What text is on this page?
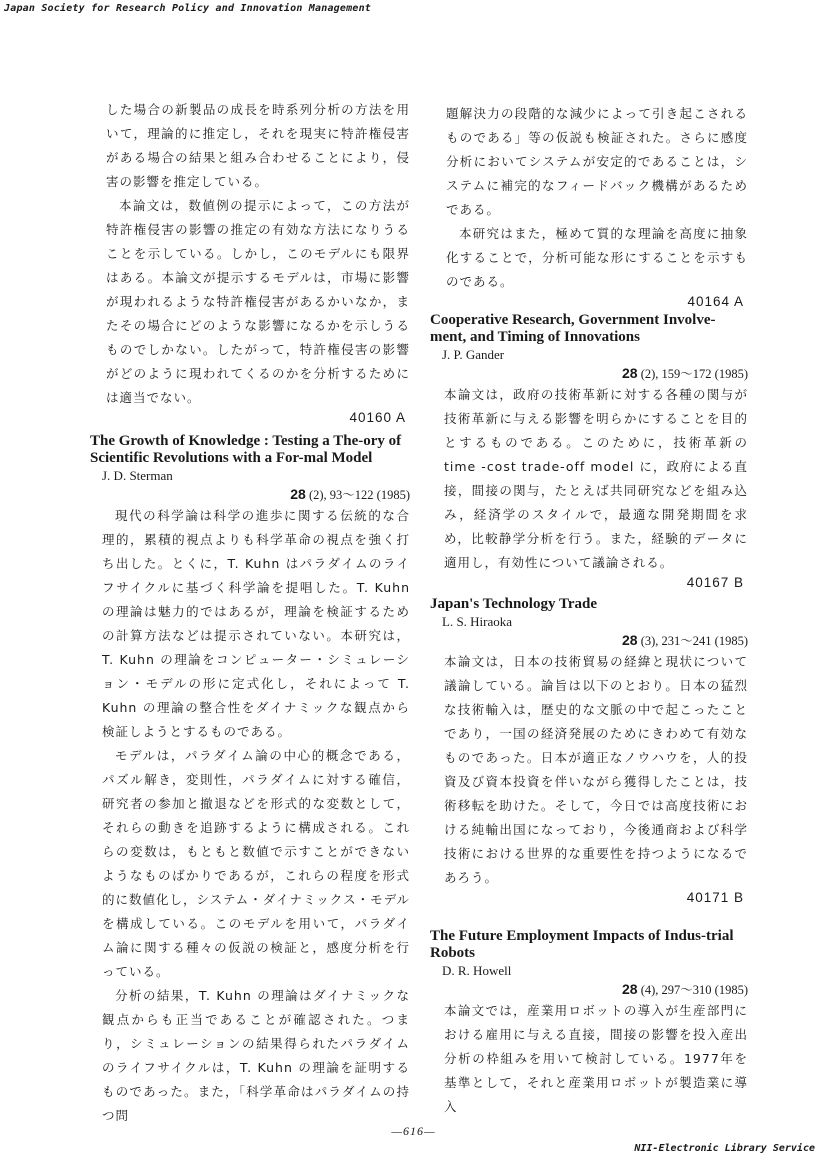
Japan Society for Research Policy and Innovation Management

した場合の新製品の成長を時系列分析の方法を用いて，理論的に推定し，それを現実に特許権侵害がある場合の結果と組み合わせることにより，侵害の影響を推定している。

本論文は，数値例の提示によって，この方法が特許権侵害の影響の推定の有効な方法になりうることを示している。しかし，このモデルにも限界はある。本論文が提示するモデルは，市場に影響が現われるような特許権侵害があるかいなか，またその場合にどのような影響になるかを示しうるものでしかない。したがって，特許権侵害の影響がどのように現われてくるのかを分析するためには適当でない。

40160 A

The Growth of Knowledge : Testing a The-ory of Scientific Revolutions with a For-mal Model

J. D. Sterman

28 (2), 93～122 (1985)

現代の科学論は科学の進歩に関する伝統的な合理的，累積的視点よりも科学革命の視点を強く打ち出した。とくに，T. Kuhn はパラダイムのライフサイクルに基づく科学論を提唱した。T. Kuhn の理論は魅力的ではあるが，理論を検証するための計算方法などは提示されていない。本研究は，T. Kuhn の理論をコンピューター・シミュレーション・モデルの形に定式化し，それによって T. Kuhn の理論の整合性をダイナミックな観点から検証しようとするものである。

モデルは，パラダイム論の中心的概念である，パズル解き，変則性，パラダイムに対する確信，研究者の参加と撤退などを形式的な変数として，それらの動きを追跡するように構成される。これらの変数は，もともと数値で示すことができないようなものばかりであるが，これらの程度を形式的に数値化し，システム・ダイナミックス・モデルを構成している。このモデルを用いて，パラダイム論に関する種々の仮説の検証と，感度分析を行っている。

分析の結果，T. Kuhn の理論はダイナミックな観点からも正当であることが確認された。つまり，シミュレーションの結果得られたパラダイムのライフサイクルは，T. Kuhn の理論を証明するものであった。また，「科学革命はパラダイムの持つ問

題解決力の段階的な減少によって引き起こされるものである」等の仮説も検証された。さらに感度分析においてシステムが安定的であることは，システムに補完的なフィードバック機構があるためである。

本研究はまた，極めて質的な理論を高度に抽象化することで，分析可能な形にすることを示すものである。

40164 A

Cooperative Research, Government Involve-ment, and Timing of Innovations

J. P. Gander

28 (2), 159～172 (1985)

本論文は，政府の技術革新に対する各種の関与が技術革新に与える影響を明らかにすることを目的とするものである。このために，技術革新の time -cost trade-off model に，政府による直接，間接の関与，たとえば共同研究などを組み込み，経済学のスタイルで，最適な開発期間を求め，比較静学分析を行う。また，経験的データに適用し，有効性について議論される。

40167 B

Japan's Technology Trade

L. S. Hiraoka

28 (3), 231～241 (1985)

本論文は，日本の技術貿易の経緯と現状について議論している。論旨は以下のとおり。日本の猛烈な技術輸入は，歴史的な文脈の中で起こったことであり，一国の経済発展のためにきわめて有効なものであった。日本が適正なノウハウを，人的投資及び資本投資を伴いながら獲得したことは，技術移転を助けた。そして，今日では高度技術における純輸出国になっており，今後通商および科学技術における世界的な重要性を持つようになるであろう。

40171 B

The Future Employment Impacts of Indus-trial Robots

D. R. Howell

28 (4), 297～310 (1985)

本論文では，産業用ロボットの導入が生産部門における雇用に与える直接，間接の影響を投入産出分析の枠組みを用いて検討している。1977年を基準として，それと産業用ロボットが製造業に導入

—616—
NII-Electronic Library Service
